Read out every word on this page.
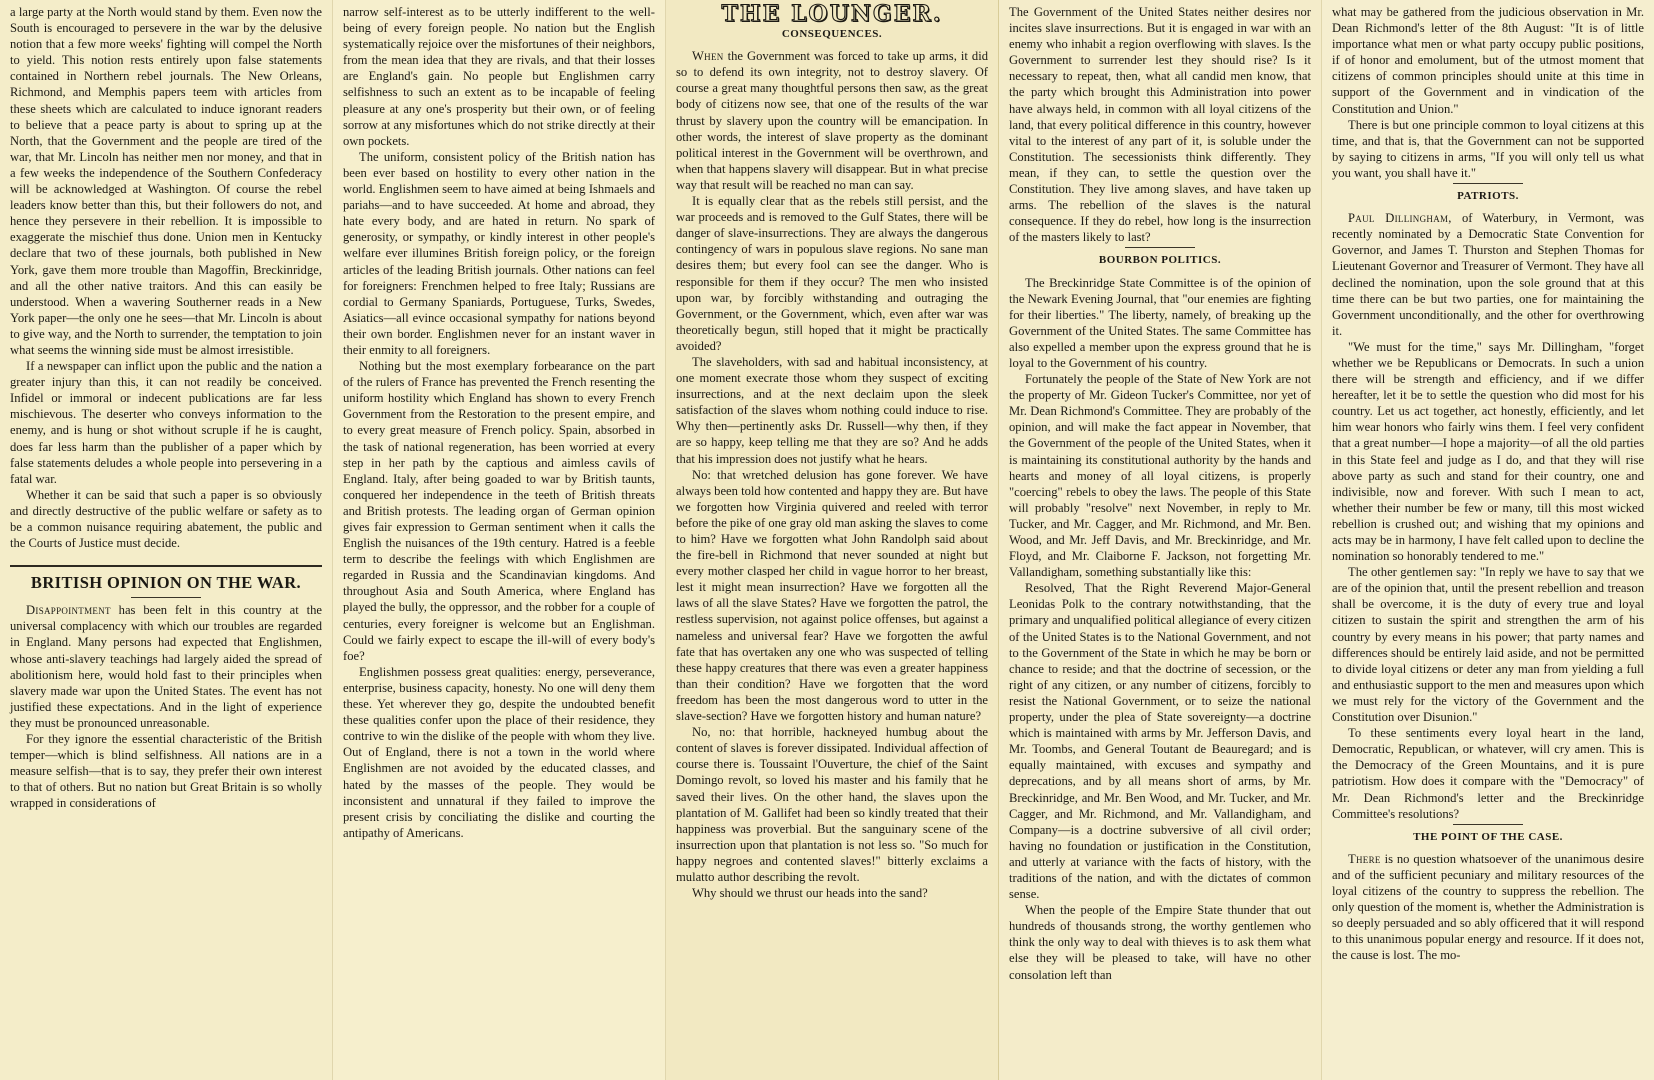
a large party at the North would stand by them. Even now the South is encouraged to persevere in the war by the delusive notion that a few more weeks' fighting will compel the North to yield. This notion rests entirely upon false statements contained in Northern rebel journals. The New Orleans, Richmond, and Memphis papers teem with articles from these sheets which are calculated to induce ignorant readers to believe that a peace party is about to spring up at the North, that the Government and the people are tired of the war, that Mr. Lincoln has neither men nor money, and that in a few weeks the independence of the Southern Confederacy will be acknowledged at Washington. Of course the rebel leaders know better than this, but their followers do not, and hence they persevere in their rebellion. It is impossible to exaggerate the mischief thus done. Union men in Kentucky declare that two of these journals, both published in New York, gave them more trouble than Magoffin, Breckinridge, and all the other native traitors. And this can easily be understood. When a wavering Southerner reads in a New York paper—the only one he sees—that Mr. Lincoln is about to give way, and the North to surrender, the temptation to join what seems the winning side must be almost irresistible.

If a newspaper can inflict upon the public and the nation a greater injury than this, it can not readily be conceived. Infidel or immoral or indecent publications are far less mischievous. The deserter who conveys information to the enemy, and is hung or shot without scruple if he is caught, does far less harm than the publisher of a paper which by false statements deludes a whole people into persevering in a fatal war.

Whether it can be said that such a paper is so obviously and directly destructive of the public welfare or safety as to be a common nuisance requiring abatement, the public and the Courts of Justice must decide.

BRITISH OPINION ON THE WAR.

Disappointment has been felt in this country at the universal complacency with which our troubles are regarded in England. Many persons had expected that Englishmen, whose anti-slavery teachings had largely aided the spread of abolitionism here, would hold fast to their principles when slavery made war upon the United States. The event has not justified these expectations. And in the light of experience they must be pronounced unreasonable.

For they ignore the essential characteristic of the British temper—which is blind selfishness. All nations are in a measure selfish—that is to say, they prefer their own interest to that of others. But no nation but Great Britain is so wholly wrapped in considerations of

narrow self-interest as to be utterly indifferent to the well-being of every foreign people. No nation but the English systematically rejoice over the misfortunes of their neighbors, from the mean idea that they are rivals, and that their losses are England's gain. No people but Englishmen carry selfishness to such an extent as to be incapable of feeling pleasure at any one's prosperity but their own, or of feeling sorrow at any misfortunes which do not strike directly at their own pockets.

The uniform, consistent policy of the British nation has been ever based on hostility to every other nation in the world. Englishmen seem to have aimed at being Ishmaels and pariahs—and to have succeeded. At home and abroad, they hate every body, and are hated in return. No spark of generosity, or sympathy, or kindly interest in other people's welfare ever illumines British foreign policy, or the foreign articles of the leading British journals. Other nations can feel for foreigners: Frenchmen helped to free Italy; Russians are cordial to Germany Spaniards, Portuguese, Turks, Swedes, Asiatics—all evince occasional sympathy for nations beyond their own border. Englishmen never for an instant waver in their enmity to all foreigners.

Nothing but the most exemplary forbearance on the part of the rulers of France has prevented the French resenting the uniform hostility which England has shown to every French Government from the Restoration to the present empire, and to every great measure of French policy. Spain, absorbed in the task of national regeneration, has been worried at every step in her path by the captious and aimless cavils of England. Italy, after being goaded to war by British taunts, conquered her independence in the teeth of British threats and British protests. The leading organ of German opinion gives fair expression to German sentiment when it calls the English the nuisances of the 19th century. Hatred is a feeble term to describe the feelings with which Englishmen are regarded in Russia and the Scandinavian kingdoms. And throughout Asia and South America, where England has played the bully, the oppressor, and the robber for a couple of centuries, every foreigner is welcome but an Englishman. Could we fairly expect to escape the ill-will of every body's foe?

Englishmen possess great qualities: energy, perseverance, enterprise, business capacity, honesty. No one will deny them these. Yet wherever they go, despite the undoubted benefit these qualities confer upon the place of their residence, they contrive to win the dislike of the people with whom they live. Out of England, there is not a town in the world where Englishmen are not avoided by the educated classes, and hated by the masses of the people. They would be inconsistent and unnatural if they failed to improve the present crisis by conciliating the dislike and courting the antipathy of Americans.

THE LOUNGER.
CONSEQUENCES.

When the Government was forced to take up arms, it did so to defend its own integrity, not to destroy slavery. Of course a great many thoughtful persons then saw, as the great body of citizens now see, that one of the results of the war thrust by slavery upon the country will be emancipation. In other words, the interest of slave property as the dominant political interest in the Government will be overthrown, and when that happens slavery will disappear. But in what precise way that result will be reached no man can say.

It is equally clear that as the rebels still persist, and the war proceeds and is removed to the Gulf States, there will be danger of slave-insurrections. They are always the dangerous contingency of wars in populous slave regions. No sane man desires them; but every fool can see the danger. Who is responsible for them if they occur? The men who insisted upon war, by forcibly withstanding and outraging the Government, or the Government, which, even after war was theoretically begun, still hoped that it might be practically avoided?

The slaveholders, with sad and habitual inconsistency, at one moment execrate those whom they suspect of exciting insurrections, and at the next declaim upon the sleek satisfaction of the slaves whom nothing could induce to rise. Why then—pertinently asks Dr. Russell—why then, if they are so happy, keep telling me that they are so? And he adds that his impression does not justify what he hears.

No: that wretched delusion has gone forever. We have always been told how contented and happy they are. But have we forgotten how Virginia quivered and reeled with terror before the pike of one gray old man asking the slaves to come to him? Have we forgotten what John Randolph said about the fire-bell in Richmond that never sounded at night but every mother clasped her child in vague horror to her breast, lest it might mean insurrection? Have we forgotten all the laws of all the slave States? Have we forgotten the patrol, the restless supervision, not against police offenses, but against a nameless and universal fear? Have we forgotten the awful fate that has overtaken any one who was suspected of telling these happy creatures that there was even a greater happiness than their condition? Have we forgotten that the word freedom has been the most dangerous word to utter in the slave-section? Have we forgotten history and human nature?

No, no: that horrible, hackneyed humbug about the content of slaves is forever dissipated. Individual affection of course there is. Toussaint l'Ouverture, the chief of the Saint Domingo revolt, so loved his master and his family that he saved their lives. On the other hand, the slaves upon the plantation of M. Gallifet had been so kindly treated that their happiness was proverbial. But the sanguinary scene of the insurrection upon that plantation is not less so. "So much for happy negroes and contented slaves!" bitterly exclaims a mulatto author describing the revolt.

Why should we thrust our heads into the sand?

The Government of the United States neither desires nor incites slave insurrections. But it is engaged in war with an enemy who inhabit a region overflowing with slaves. Is the Government to surrender lest they should rise? Is it necessary to repeat, then, what all candid men know, that the party which brought this Administration into power have always held, in common with all loyal citizens of the land, that every political difference in this country, however vital to the interest of any part of it, is soluble under the Constitution. The secessionists think differently. They mean, if they can, to settle the question over the Constitution. They live among slaves, and have taken up arms. The rebellion of the slaves is the natural consequence. If they do rebel, how long is the insurrection of the masters likely to last?

BOURBON POLITICS.

The Breckinridge State Committee is of the opinion of the Newark Evening Journal, that "our enemies are fighting for their liberties." The liberty, namely, of breaking up the Government of the United States. The same Committee has also expelled a member upon the express ground that he is loyal to the Government of his country.

Fortunately the people of the State of New York are not the property of Mr. Gideon Tucker's Committee, nor yet of Mr. Dean Richmond's Committee. They are probably of the opinion, and will make the fact appear in November, that the Government of the people of the United States, when it is maintaining its constitutional authority by the hands and hearts and money of all loyal citizens, is properly "coercing" rebels to obey the laws. The people of this State will probably "resolve" next November, in reply to Mr. Tucker, and Mr. Cagger, and Mr. Richmond, and Mr. Ben. Wood, and Mr. Jeff Davis, and Mr. Breckinridge, and Mr. Floyd, and Mr. Claiborne F. Jackson, not forgetting Mr. Vallandigham, something substantially like this:

Resolved, That the Right Reverend Major-General Leonidas Polk to the contrary notwithstanding, that the primary and unqualified political allegiance of every citizen of the United States is to the National Government, and not to the Government of the State in which he may be born or chance to reside; and that the doctrine of secession, or the right of any citizen, or any number of citizens, forcibly to resist the National Government, or to seize the national property, under the plea of State sovereignty—a doctrine which is maintained with arms by Mr. Jefferson Davis, and Mr. Toombs, and General Toutant de Beauregard; and is equally maintained, with excuses and sympathy and deprecations, and by all means short of arms, by Mr. Breckinridge, and Mr. Ben Wood, and Mr. Tucker, and Mr. Cagger, and Mr. Richmond, and Mr. Vallandigham, and Company—is a doctrine subversive of all civil order; having no foundation or justification in the Constitution, and utterly at variance with the facts of history, with the traditions of the nation, and with the dictates of common sense.

When the people of the Empire State thunder that out hundreds of thousands strong, the worthy gentlemen who think the only way to deal with thieves is to ask them what else they will be pleased to take, will have no other consolation left than

what may be gathered from the judicious observation in Mr. Dean Richmond's letter of the 8th August: "It is of little importance what men or what party occupy public positions, if of honor and emolument, but of the utmost moment that citizens of common principles should unite at this time in support of the Government and in vindication of the Constitution and Union."

There is but one principle common to loyal citizens at this time, and that is, that the Government can not be supported by saying to citizens in arms, "If you will only tell us what you want, you shall have it."

PATRIOTS.

Paul Dillingham, of Waterbury, in Vermont, was recently nominated by a Democratic State Convention for Governor, and James T. Thurston and Stephen Thomas for Lieutenant Governor and Treasurer of Vermont. They have all declined the nomination, upon the sole ground that at this time there can be but two parties, one for maintaining the Government unconditionally, and the other for overthrowing it.

"We must for the time," says Mr. Dillingham, "forget whether we be Republicans or Democrats. In such a union there will be strength and efficiency, and if we differ hereafter, let it be to settle the question who did most for his country. Let us act together, act honestly, efficiently, and let him wear honors who fairly wins them. I feel very confident that a great number—I hope a majority—of all the old parties in this State feel and judge as I do, and that they will rise above party as such and stand for their country, one and indivisible, now and forever. With such I mean to act, whether their number be few or many, till this most wicked rebellion is crushed out; and wishing that my opinions and acts may be in harmony, I have felt called upon to decline the nomination so honorably tendered to me."

The other gentlemen say: "In reply we have to say that we are of the opinion that, until the present rebellion and treason shall be overcome, it is the duty of every true and loyal citizen to sustain the spirit and strengthen the arm of his country by every means in his power; that party names and differences should be entirely laid aside, and not be permitted to divide loyal citizens or deter any man from yielding a full and enthusiastic support to the men and measures upon which we must rely for the victory of the Government and the Constitution over Disunion."

To these sentiments every loyal heart in the land, Democratic, Republican, or whatever, will cry amen. This is the Democracy of the Green Mountains, and it is pure patriotism. How does it compare with the "Democracy" of Mr. Dean Richmond's letter and the Breckinridge Committee's resolutions?

THE POINT OF THE CASE.

There is no question whatsoever of the unanimous desire and of the sufficient pecuniary and military resources of the loyal citizens of the country to suppress the rebellion. The only question of the moment is, whether the Administration is so deeply persuaded and so ably officered that it will respond to this unanimous popular energy and resource. If it does not, the cause is lost. The mo-
